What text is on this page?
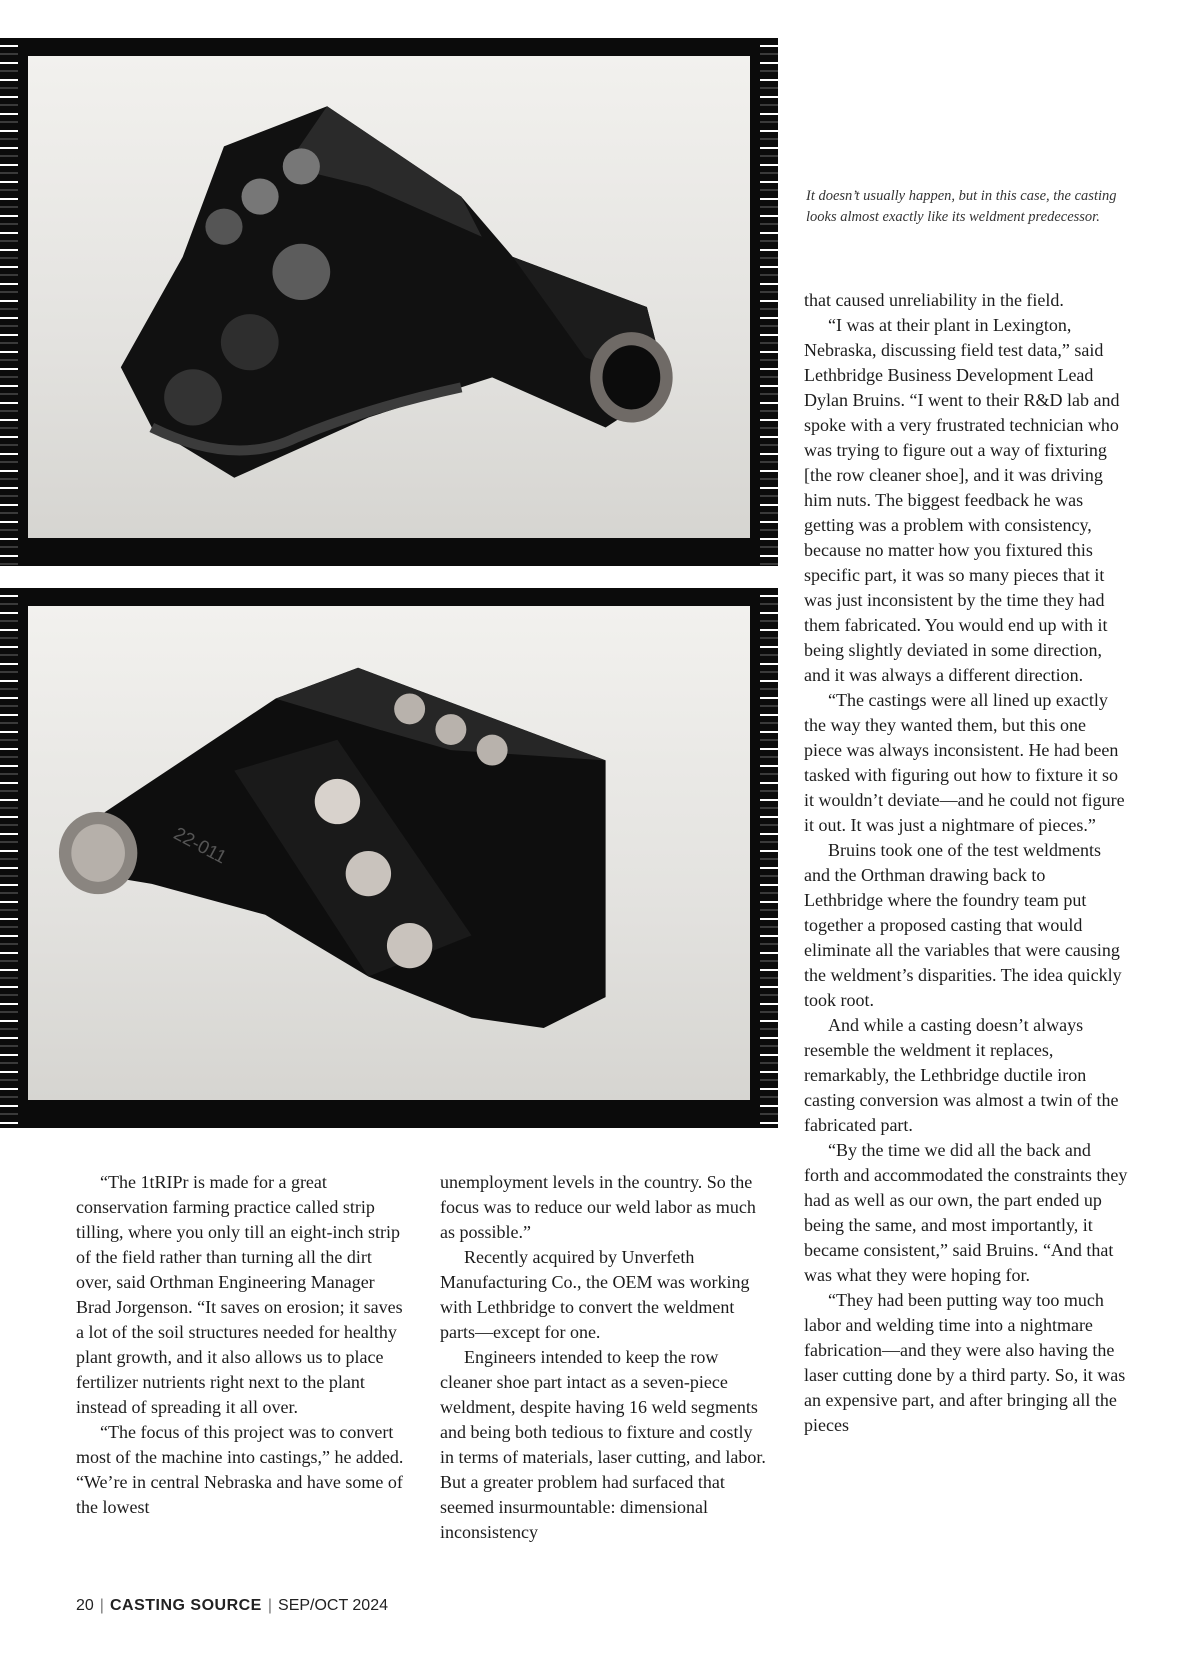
22-011
It doesn’t usually happen, but in this case, the casting looks almost exactly like its weldment predecessor.

that caused unreliability in the field.

“I was at their plant in Lexington, Nebraska, discussing field test data,” said Lethbridge Business Development Lead Dylan Bruins. “I went to their R&D lab and spoke with a very frustrated technician who was trying to figure out a way of fixturing [the row cleaner shoe], and it was driving him nuts. The biggest feedback he was getting was a problem with consistency, because no matter how you fixtured this specific part, it was so many pieces that it was just inconsistent by the time they had them fabricated. You would end up with it being slightly deviated in some direction, and it was always a different direction.

“The castings were all lined up exactly the way they wanted them, but this one piece was always inconsistent. He had been tasked with figuring out how to fixture it so it wouldn’t deviate—and he could not figure it out. It was just a nightmare of pieces.”

Bruins took one of the test weldments and the Orthman drawing back to Lethbridge where the foundry team put together a proposed casting that would eliminate all the variables that were causing the weldment’s disparities. The idea quickly took root.

And while a casting doesn’t always resemble the weldment it replaces, remarkably, the Lethbridge ductile iron casting conversion was almost a twin of the fabricated part.

“By the time we did all the back and forth and accommodated the constraints they had as well as our own, the part ended up being the same, and most importantly, it became consistent,” said Bruins. “And that was what they were hoping for.

“They had been putting way too much labor and welding time into a nightmare fabrication—and they were also having the laser cutting done by a third party. So, it was an expensive part, and after bringing all the pieces

“The 1tRIPr is made for a great conservation farming practice called strip tilling, where you only till an eight-inch strip of the field rather than turning all the dirt over, said Orthman Engineering Manager Brad Jorgenson. “It saves on erosion; it saves a lot of the soil structures needed for healthy plant growth, and it also allows us to place fertilizer nutrients right next to the plant instead of spreading it all over.

“The focus of this project was to convert most of the machine into castings,” he added. “We’re in central Nebraska and have some of the lowest

unemployment levels in the country. So the focus was to reduce our weld labor as much as possible.”

Recently acquired by Unverfeth Manufacturing Co., the OEM was working with Lethbridge to convert the weldment parts—except for one.

Engineers intended to keep the row cleaner shoe part intact as a seven-piece weldment, despite having 16 weld segments and being both tedious to fixture and costly in terms of materials, laser cutting, and labor. But a greater problem had surfaced that seemed insurmountable: dimensional inconsistency

20 | CASTING SOURCE | SEP/OCT 2024
